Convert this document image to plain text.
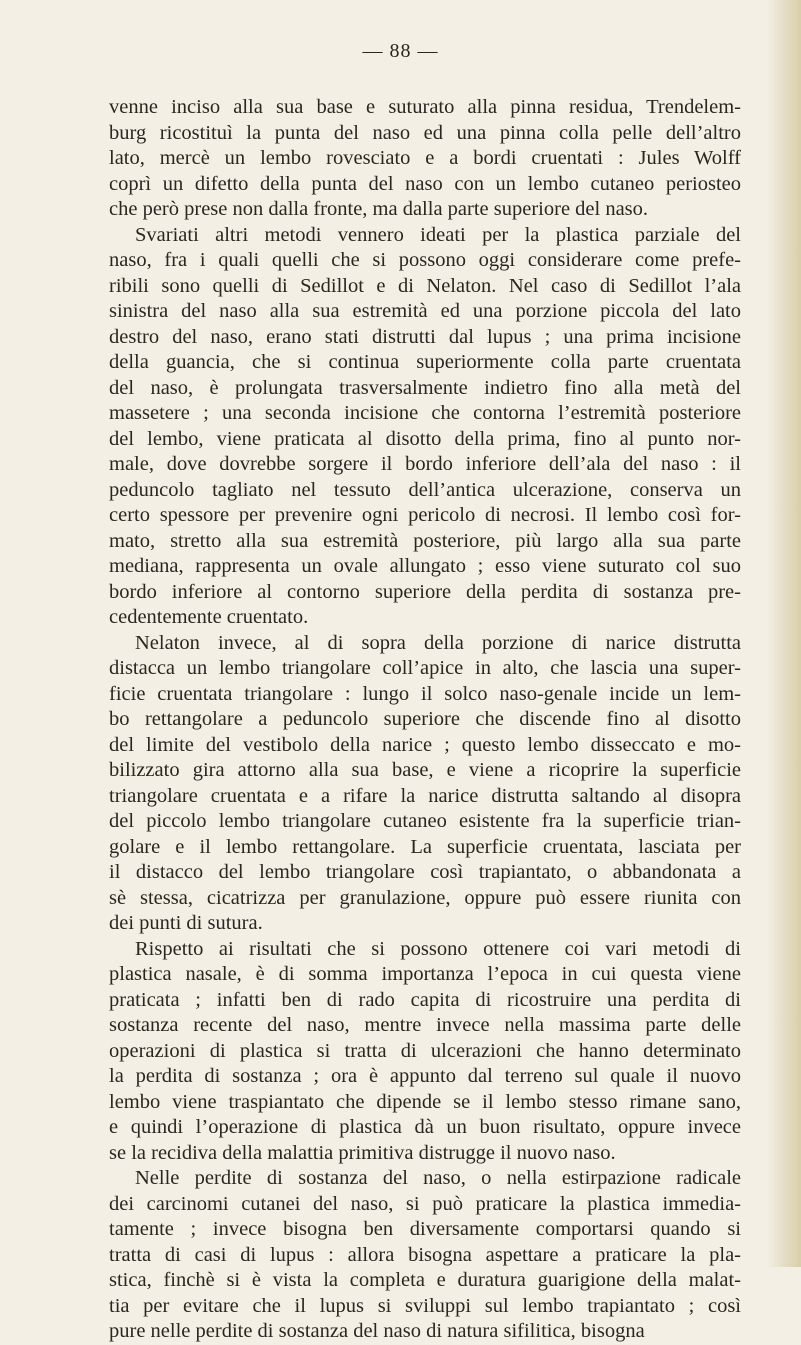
— 88 —
venne inciso alla sua base e suturato alla pinna residua, Trendelem-
burg ricostituì la punta del naso ed una pinna colla pelle dell’altro
lato, mercè un lembo rovesciato e a bordi cruentati : Jules Wolff
coprì un difetto della punta del naso con un lembo cutaneo periosteo
che però prese non dalla fronte, ma dalla parte superiore del naso.
Svariati altri metodi vennero ideati per la plastica parziale del
naso, fra i quali quelli che si possono oggi considerare come prefe-
ribili sono quelli di Sedillot e di Nelaton. Nel caso di Sedillot l’ala
sinistra del naso alla sua estremità ed una porzione piccola del lato
destro del naso, erano stati distrutti dal lupus ; una prima incisione
della guancia, che si continua superiormente colla parte cruentata
del naso, è prolungata trasversalmente indietro fino alla metà del
massetere ; una seconda incisione che contorna l’estremità posteriore
del lembo, viene praticata al disotto della prima, fino al punto nor-
male, dove dovrebbe sorgere il bordo inferiore dell’ala del naso : il
peduncolo tagliato nel tessuto dell’antica ulcerazione, conserva un
certo spessore per prevenire ogni pericolo di necrosi. Il lembo così for-
mato, stretto alla sua estremità posteriore, più largo alla sua parte
mediana, rappresenta un ovale allungato ; esso viene suturato col suo
bordo inferiore al contorno superiore della perdita di sostanza pre-
cedentemente cruentato.
Nelaton invece, al di sopra della porzione di narice distrutta
distacca un lembo triangolare coll’apice in alto, che lascia una super-
ficie cruentata triangolare : lungo il solco naso-genale incide un lem-
bo rettangolare a peduncolo superiore che discende fino al disotto
del limite del vestibolo della narice ; questo lembo disseccato e mo-
bilizzato gira attorno alla sua base, e viene a ricoprire la superficie
triangolare cruentata e a rifare la narice distrutta saltando al disopra
del piccolo lembo triangolare cutaneo esistente fra la superficie trian-
golare e il lembo rettangolare. La superficie cruentata, lasciata per
il distacco del lembo triangolare così trapiantato, o abbandonata a
sè stessa, cicatrizza per granulazione, oppure può essere riunita con
dei punti di sutura.
Rispetto ai risultati che si possono ottenere coi vari metodi di
plastica nasale, è di somma importanza l’epoca in cui questa viene
praticata ; infatti ben di rado capita di ricostruire una perdita di
sostanza recente del naso, mentre invece nella massima parte delle
operazioni di plastica si tratta di ulcerazioni che hanno determinato
la perdita di sostanza ; ora è appunto dal terreno sul quale il nuovo
lembo viene traspiantato che dipende se il lembo stesso rimane sano,
e quindi l’operazione di plastica dà un buon risultato, oppure invece
se la recidiva della malattia primitiva distrugge il nuovo naso.
Nelle perdite di sostanza del naso, o nella estirpazione radicale
dei carcinomi cutanei del naso, si può praticare la plastica immedia-
tamente ; invece bisogna ben diversamente comportarsi quando si
tratta di casi di lupus : allora bisogna aspettare a praticare la pla-
stica, finchè si è vista la completa e duratura guarigione della malat-
tia per evitare che il lupus si sviluppi sul lembo trapiantato ; così
pure nelle perdite di sostanza del naso di natura sifilitica, bisogna
